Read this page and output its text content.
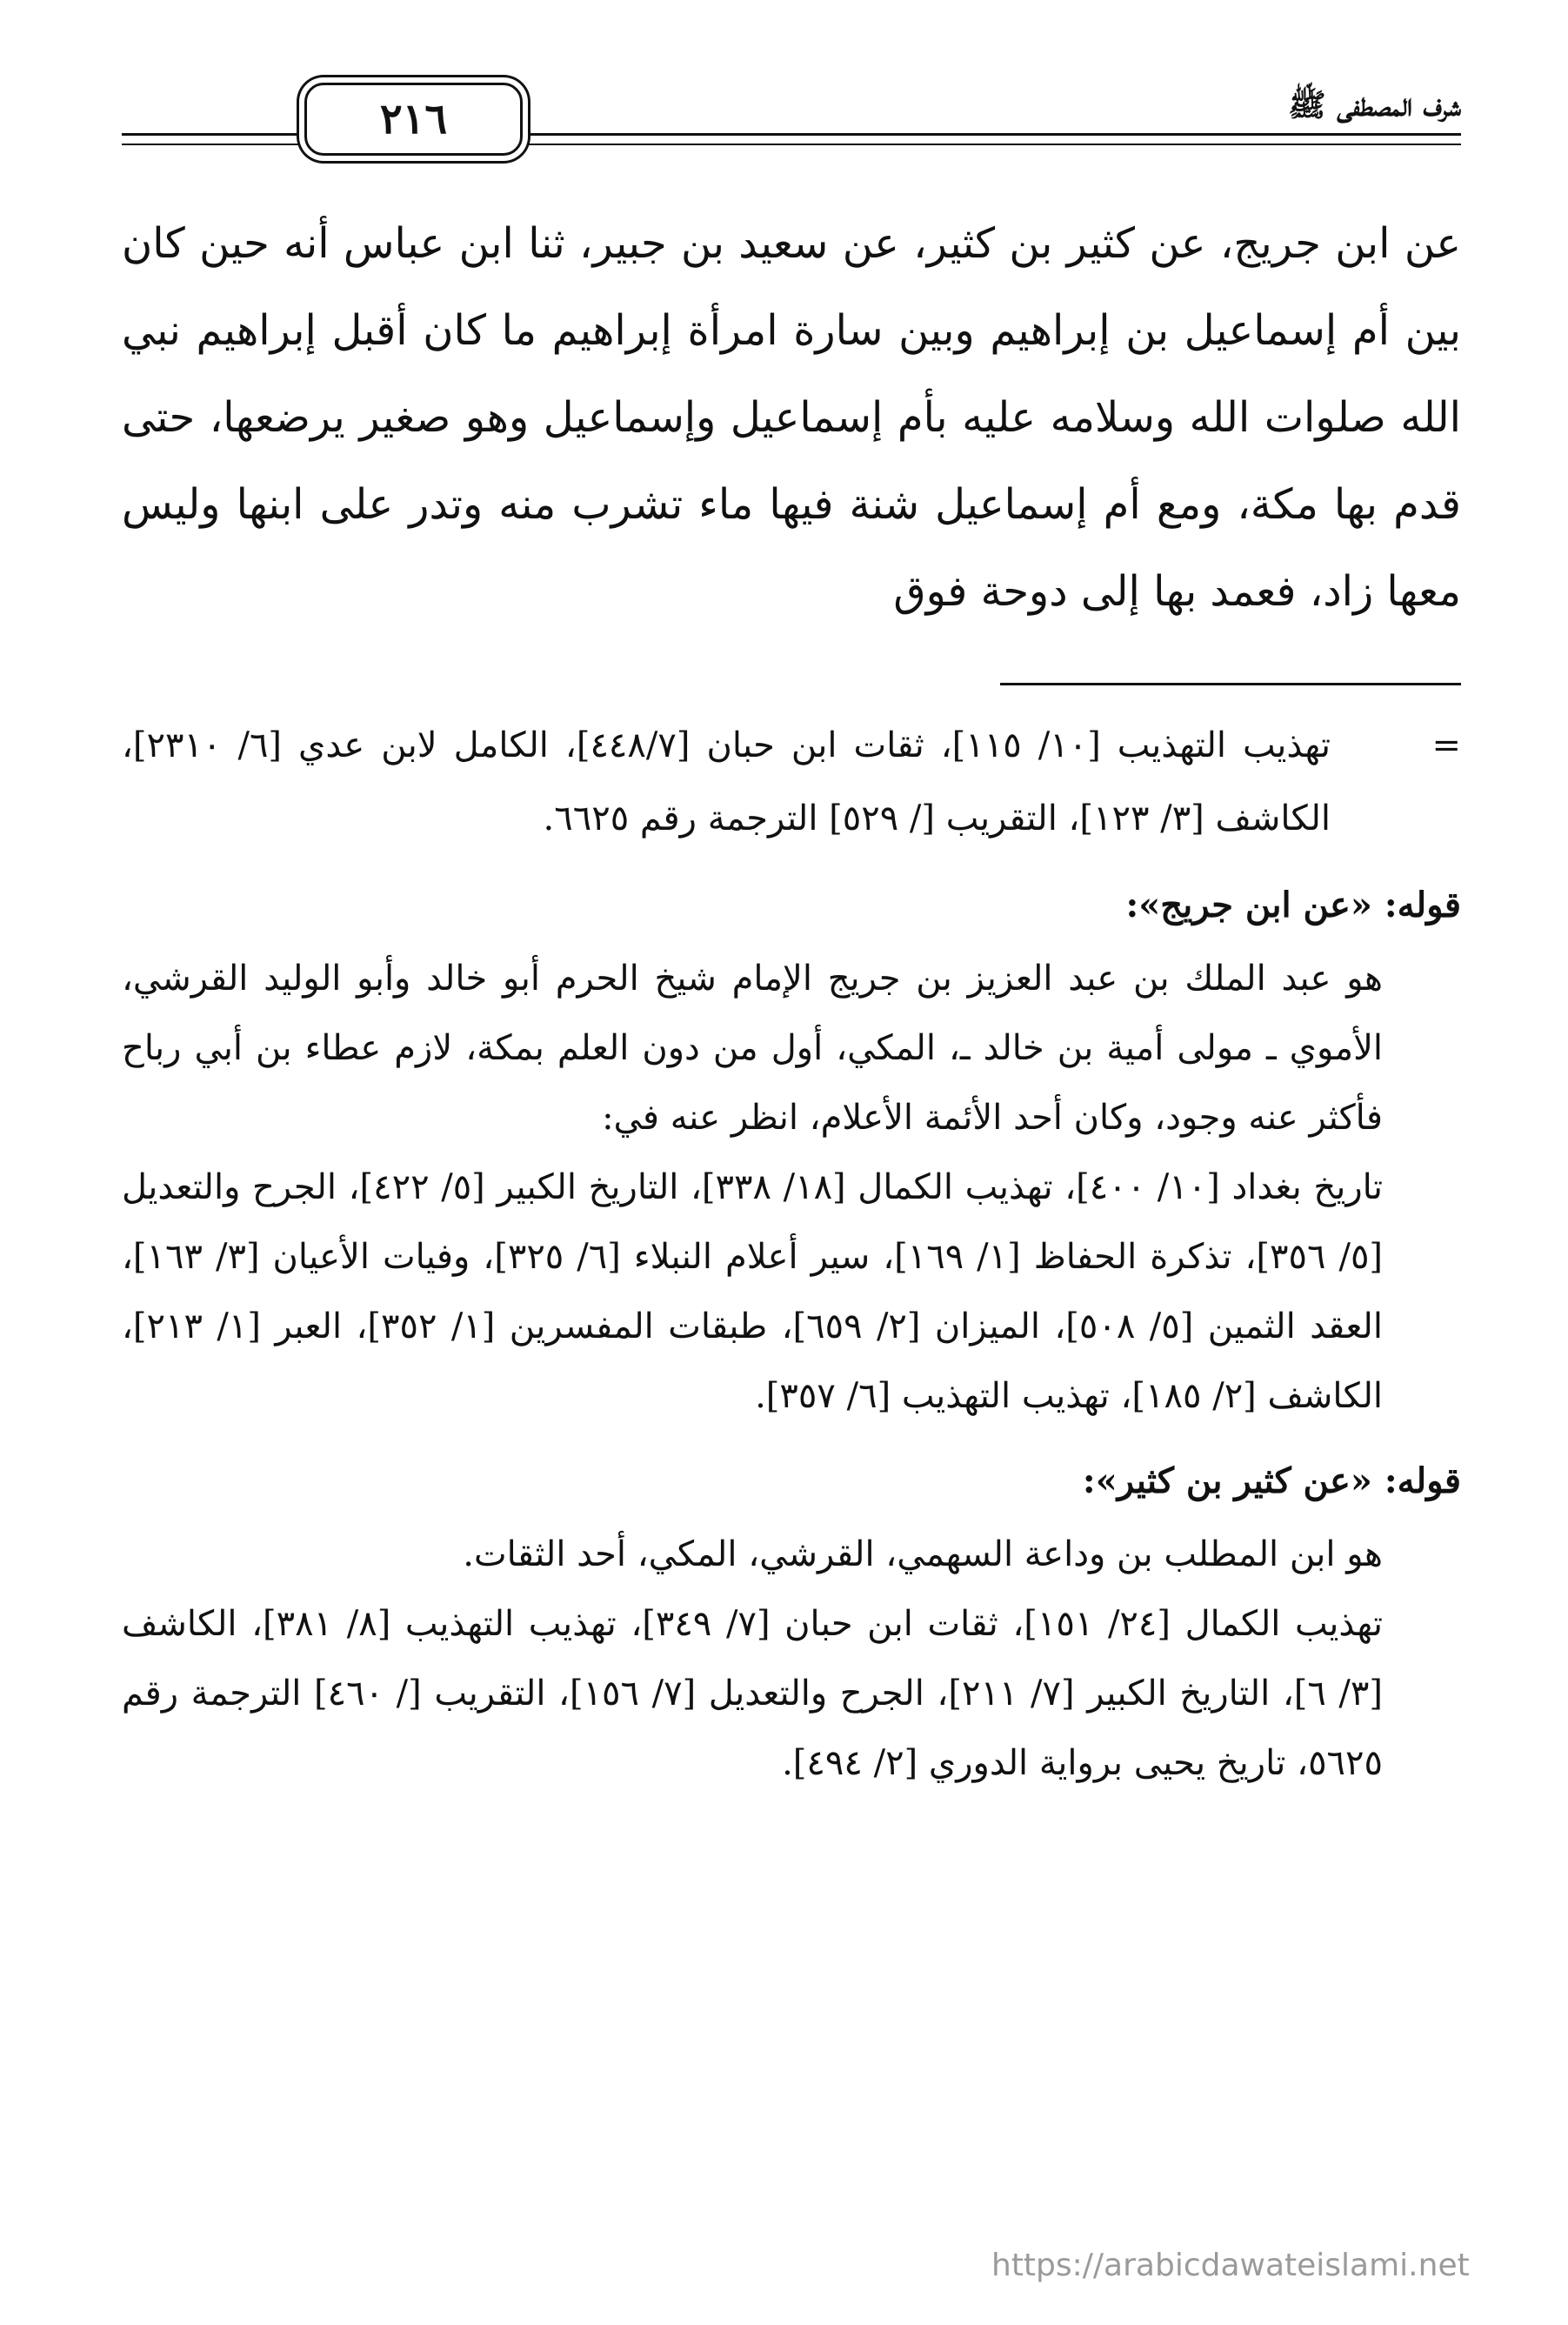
٢١٦	شرف المصطفى ﷺ

عن ابن جريج، عن كثير بن كثير، عن سعيد بن جبير، ثنا ابن عباس أنه حين كان بين أم إسماعيل بن إبراهيم وبين سارة امرأة إبراهيم ما كان أقبل إبراهيم نبي الله صلوات الله وسلامه عليه بأم إسماعيل وإسماعيل وهو صغير يرضعها، حتى قدم بها مكة، ومع أم إسماعيل شنة فيها ماء تشرب منه وتدر على ابنها وليس معها زاد، فعمد بها إلى دوحة فوق

=

تهذيب التهذيب [١٠/ ١١٥]، ثقات ابن حبان [٤٤٨/٧]، الكامل لابن عدي [٦/ ٢٣١٠]، الكاشف [٣/ ١٢٣]، التقريب [/ ٥٢٩] الترجمة رقم ٦٦٢٥.

قوله: «عن ابن جريج»:

هو عبد الملك بن عبد العزيز بن جريج الإمام شيخ الحرم أبو خالد وأبو الوليد القرشي، الأموي ـ مولى أمية بن خالد ـ، المكي، أول من دون العلم بمكة، لازم عطاء بن أبي رباح فأكثر عنه وجود، وكان أحد الأئمة الأعلام، انظر عنه في:

تاريخ بغداد [١٠/ ٤٠٠]، تهذيب الكمال [١٨/ ٣٣٨]، التاريخ الكبير [٥/ ٤٢٢]، الجرح والتعديل [٥/ ٣٥٦]، تذكرة الحفاظ [١/ ١٦٩]، سير أعلام النبلاء [٦/ ٣٢٥]، وفيات الأعيان [٣/ ١٦٣]، العقد الثمين [٥/ ٥٠٨]، الميزان [٢/ ٦٥٩]، طبقات المفسرين [١/ ٣٥٢]، العبر [١/ ٢١٣]، الكاشف [٢/ ١٨٥]، تهذيب التهذيب [٦/ ٣٥٧].

قوله: «عن كثير بن كثير»:

هو ابن المطلب بن وداعة السهمي، القرشي، المكي، أحد الثقات.

تهذيب الكمال [٢٤/ ١٥١]، ثقات ابن حبان [٧/ ٣٤٩]، تهذيب التهذيب [٨/ ٣٨١]، الكاشف [٣/ ٦]، التاريخ الكبير [٧/ ٢١١]، الجرح والتعديل [٧/ ١٥٦]، التقريب [/ ٤٦٠] الترجمة رقم ٥٦٢٥، تاريخ يحيى برواية الدوري [٢/ ٤٩٤].

https://arabicdawateislami.net
